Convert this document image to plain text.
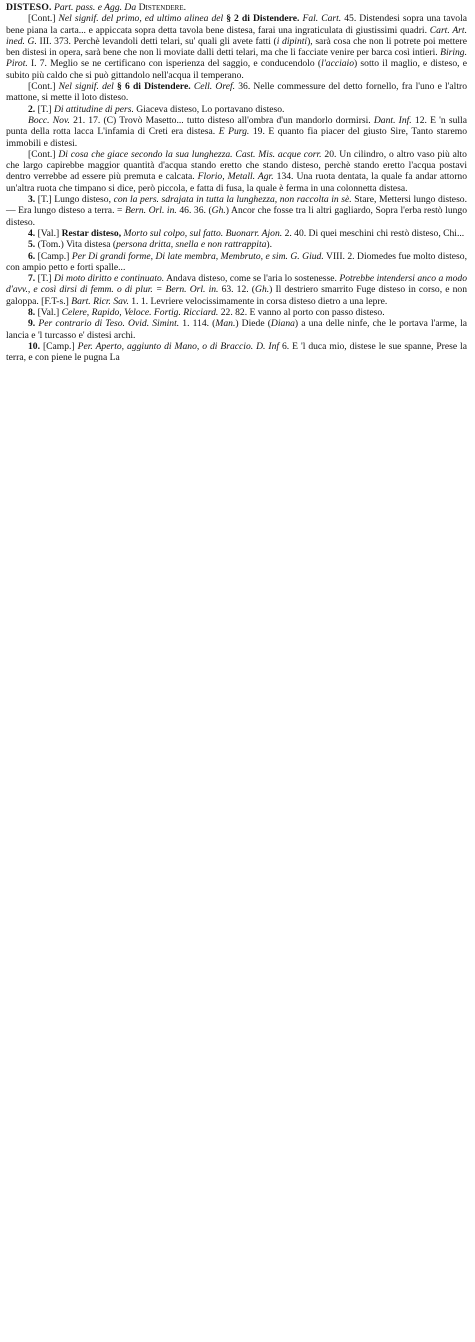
DISTESO. Part. pass. e Agg. Da Distendere.

[Cont.] Nel signif. del primo, ed ultimo alinea del § 2 di Distendere. Fal. Cart. 45. Distendesi sopra una tavola bene piana la carta... e appiccata sopra detta tavola bene distesa, farai una ingraticulata di giustissimi quadri. Cart. Art. ined. G. III. 373. Perchè levandoli detti telari, su' quali gli avete fatti (i dipinti), sarà cosa che non li potrete poi mettere ben distesi in opera, sarà bene che non li moviate dalli detti telari, ma che li facciate venire per barca così intieri. Biring. Pirot. I. 7. Meglio se ne certificano con isperienza del saggio, e conducendolo (l'acciaio) sotto il maglio, e disteso, e subito più caldo che si può gittandolo nell'acqua il temperano.

[Cont.] Nel signif. del § 6 di Distendere. Cell. Oref. 36. Nelle commessure del detto fornello, fra l'uno e l'altro mattone, si mette il loto disteso.

2. [T.] Di attitudine di pers. Giaceva disteso, Lo portavano disteso.

Bocc. Nov. 21. 17. (C) Trovò Masetto... tutto disteso all'ombra d'un mandorlo dormirsi. Dant. Inf. 12. E 'n sulla punta della rotta lacca L'infamia di Creti era distesa. E Purg. 19. E quanto fia piacer del giusto Sire, Tanto staremo immobili e distesi.

[Cont.] Di cosa che giace secondo la sua lunghezza. Cast. Mis. acque corr. 20. Un cilindro, o altro vaso più alto che largo capirebbe maggior quantità d'acqua stando eretto che stando disteso, perchè stando eretto l'acqua postavi dentro verrebbe ad essere più premuta e calcata. Florio, Metall. Agr. 134. Una ruota dentata, la quale fa andar attorno un'altra ruota che timpano si dice, però piccola, e fatta di fusa, la quale è ferma in una colonnetta distesa.

3. [T.] Lungo disteso, con la pers. sdrajata in tutta la lunghezza, non raccolta in sè. Stare, Mettersi lungo disteso. — Era lungo disteso a terra. = Bern. Orl. in. 46. 36. (Gh.) Ancor che fosse tra li altri gagliardo, Sopra l'erba restò lungo disteso.

4. [Val.] Restar disteso, Morto sul colpo, sul fatto. Buonarr. Ajon. 2. 40. Di quei meschini chi restò disteso, Chi...

5. (Tom.) Vita distesa (persona dritta, snella e non rattrappita).

6. [Camp.] Per Di grandi forme, Di late membra, Membruto, e sim. G. Giud. VIII. 2. Diomedes fue molto disteso, con ampio petto e forti spalle...

7. [T.] Di moto diritto e continuato. Andava disteso, come se l'aria lo sostenesse. Potrebbe intendersi anco a modo d'avv., e così dirsi di femm. o di plur. = Bern. Orl. in. 63. 12. (Gh.) Il destriero smarrito Fuge disteso in corso, e non galoppa. [F.T-s.] Bart. Ricr. Sav. 1. 1. Levriere velocissimamente in corsa disteso dietro a una lepre.

8. [Val.] Celere, Rapido, Veloce. Fortig. Ricciard. 22. 82. E vanno al porto con passo disteso.

9. Per contrario di Teso. Ovid. Simint. 1. 114. (Man.) Diede (Diana) a una delle ninfe, che le portava l'arme, la lancia e 'l turcasso e' distesi archi.

10. [Camp.] Per. Aperto, aggiunto di Mano, o di Braccio. D. Inf 6. E 'l duca mio, distese le sue spanne, Prese la terra, e con piene le pugna La
